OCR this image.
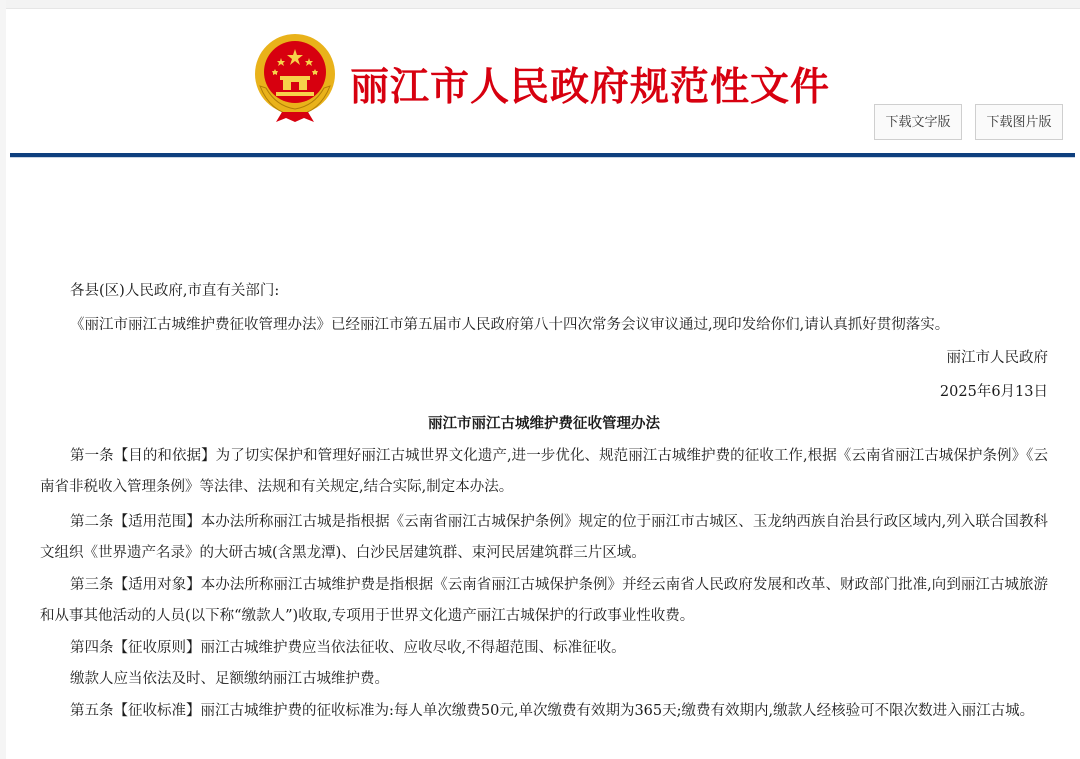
丽江市人民政府规范性文件
下载文字版	下载图片版
各县(区)人民政府,市直有关部门:
《丽江市丽江古城维护费征收管理办法》已经丽江市第五届市人民政府第八十四次常务会议审议通过,现印发给你们,请认真抓好贯彻落实。
丽江市人民政府
2025年6月13日
丽江市丽江古城维护费征收管理办法
第一条【目的和依据】为了切实保护和管理好丽江古城世界文化遗产,进一步优化、规范丽江古城维护费的征收工作,根据《云南省丽江古城保护条例》《云南省非税收入管理条例》等法律、法规和有关规定,结合实际,制定本办法。
第二条【适用范围】本办法所称丽江古城是指根据《云南省丽江古城保护条例》规定的位于丽江市古城区、玉龙纳西族自治县行政区域内,列入联合国教科文组织《世界遗产名录》的大研古城(含黑龙潭)、白沙民居建筑群、束河民居建筑群三片区域。
第三条【适用对象】本办法所称丽江古城维护费是指根据《云南省丽江古城保护条例》并经云南省人民政府发展和改革、财政部门批准,向到丽江古城旅游和从事其他活动的人员(以下称“缴款人”)收取,专项用于世界文化遗产丽江古城保护的行政事业性收费。
第四条【征收原则】丽江古城维护费应当依法征收、应收尽收,不得超范围、标准征收。
缴款人应当依法及时、足额缴纳丽江古城维护费。
第五条【征收标准】丽江古城维护费的征收标准为:每人单次缴费50元,单次缴费有效期为365天;缴费有效期内,缴款人经核验可不限次数进入丽江古城。
